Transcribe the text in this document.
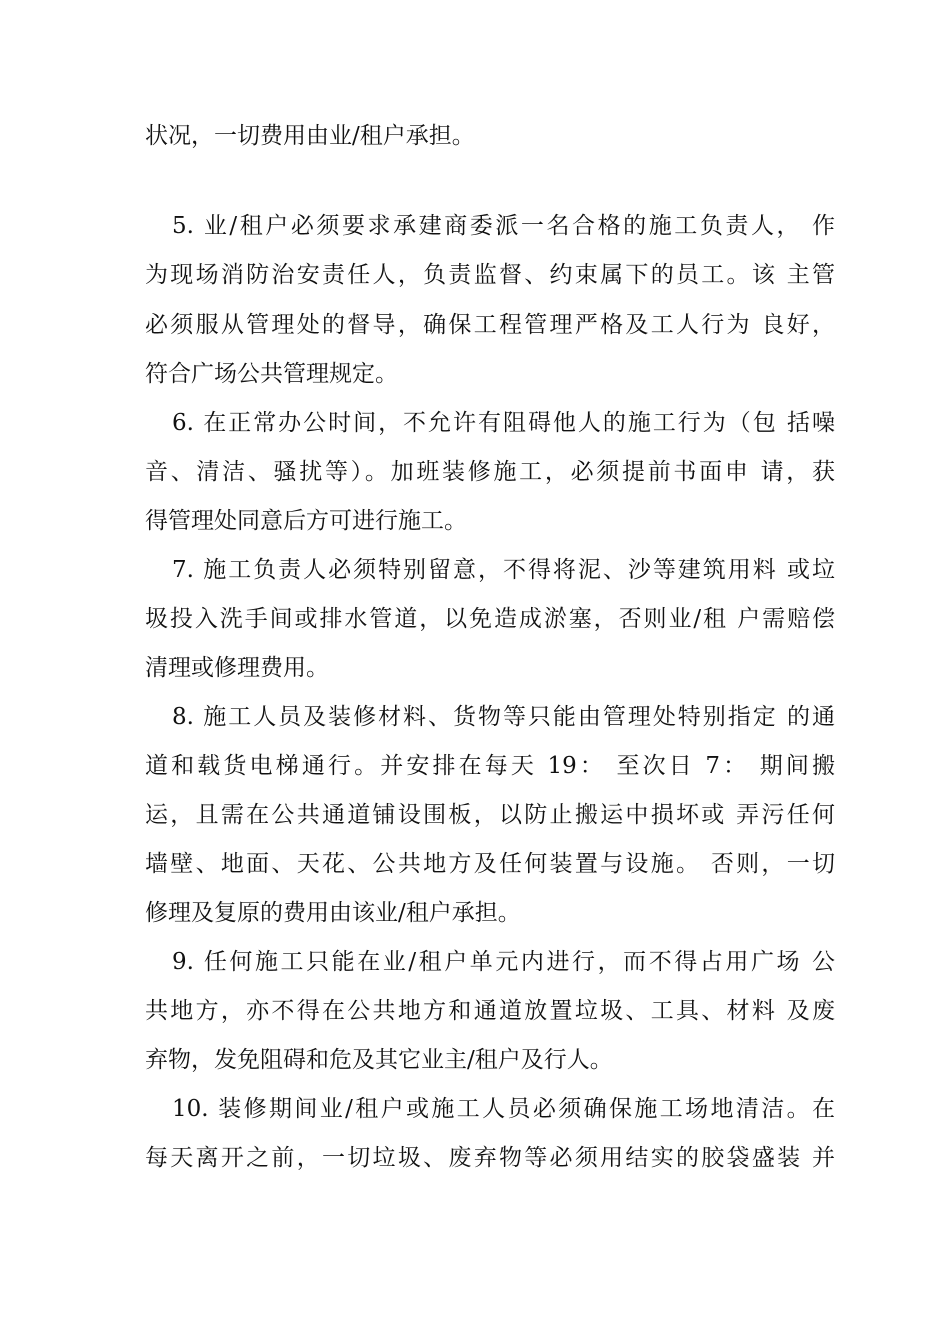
状况，一切费用由业/租户承担。
5. 业/租户必须要求承建商委派一名合格的施工负责人， 作
为现场消防治安责任人，负责监督、约束属下的员工。该 主管
必须服从管理处的督导，确保工程管理严格及工人行为 良好，
符合广场公共管理规定。
6. 在正常办公时间，不允许有阻碍他人的施工行为（包 括噪
音、清洁、骚扰等）。加班装修施工，必须提前书面申 请，获
得管理处同意后方可进行施工。
7. 施工负责人必须特别留意，不得将泥、沙等建筑用料 或垃
圾投入洗手间或排水管道，以免造成淤塞，否则业/租 户需赔偿
清理或修理费用。
8. 施工人员及装修材料、货物等只能由管理处特别指定 的通
道和载货电梯通行。并安排在每天 19： 至次日 7： 期间搬
运，且需在公共通道铺设围板，以防止搬运中损坏或 弄污任何
墙壁、地面、天花、公共地方及任何装置与设施。 否则，一切
修理及复原的费用由该业/租户承担。
9. 任何施工只能在业/租户单元内进行，而不得占用广场 公
共地方，亦不得在公共地方和通道放置垃圾、工具、材料 及废
弃物，发免阻碍和危及其它业主/租户及行人。
10. 装修期间业/租户或施工人员必须确保施工场地清洁。在
每天离开之前，一切垃圾、废弃物等必须用结实的胶袋盛装 并
